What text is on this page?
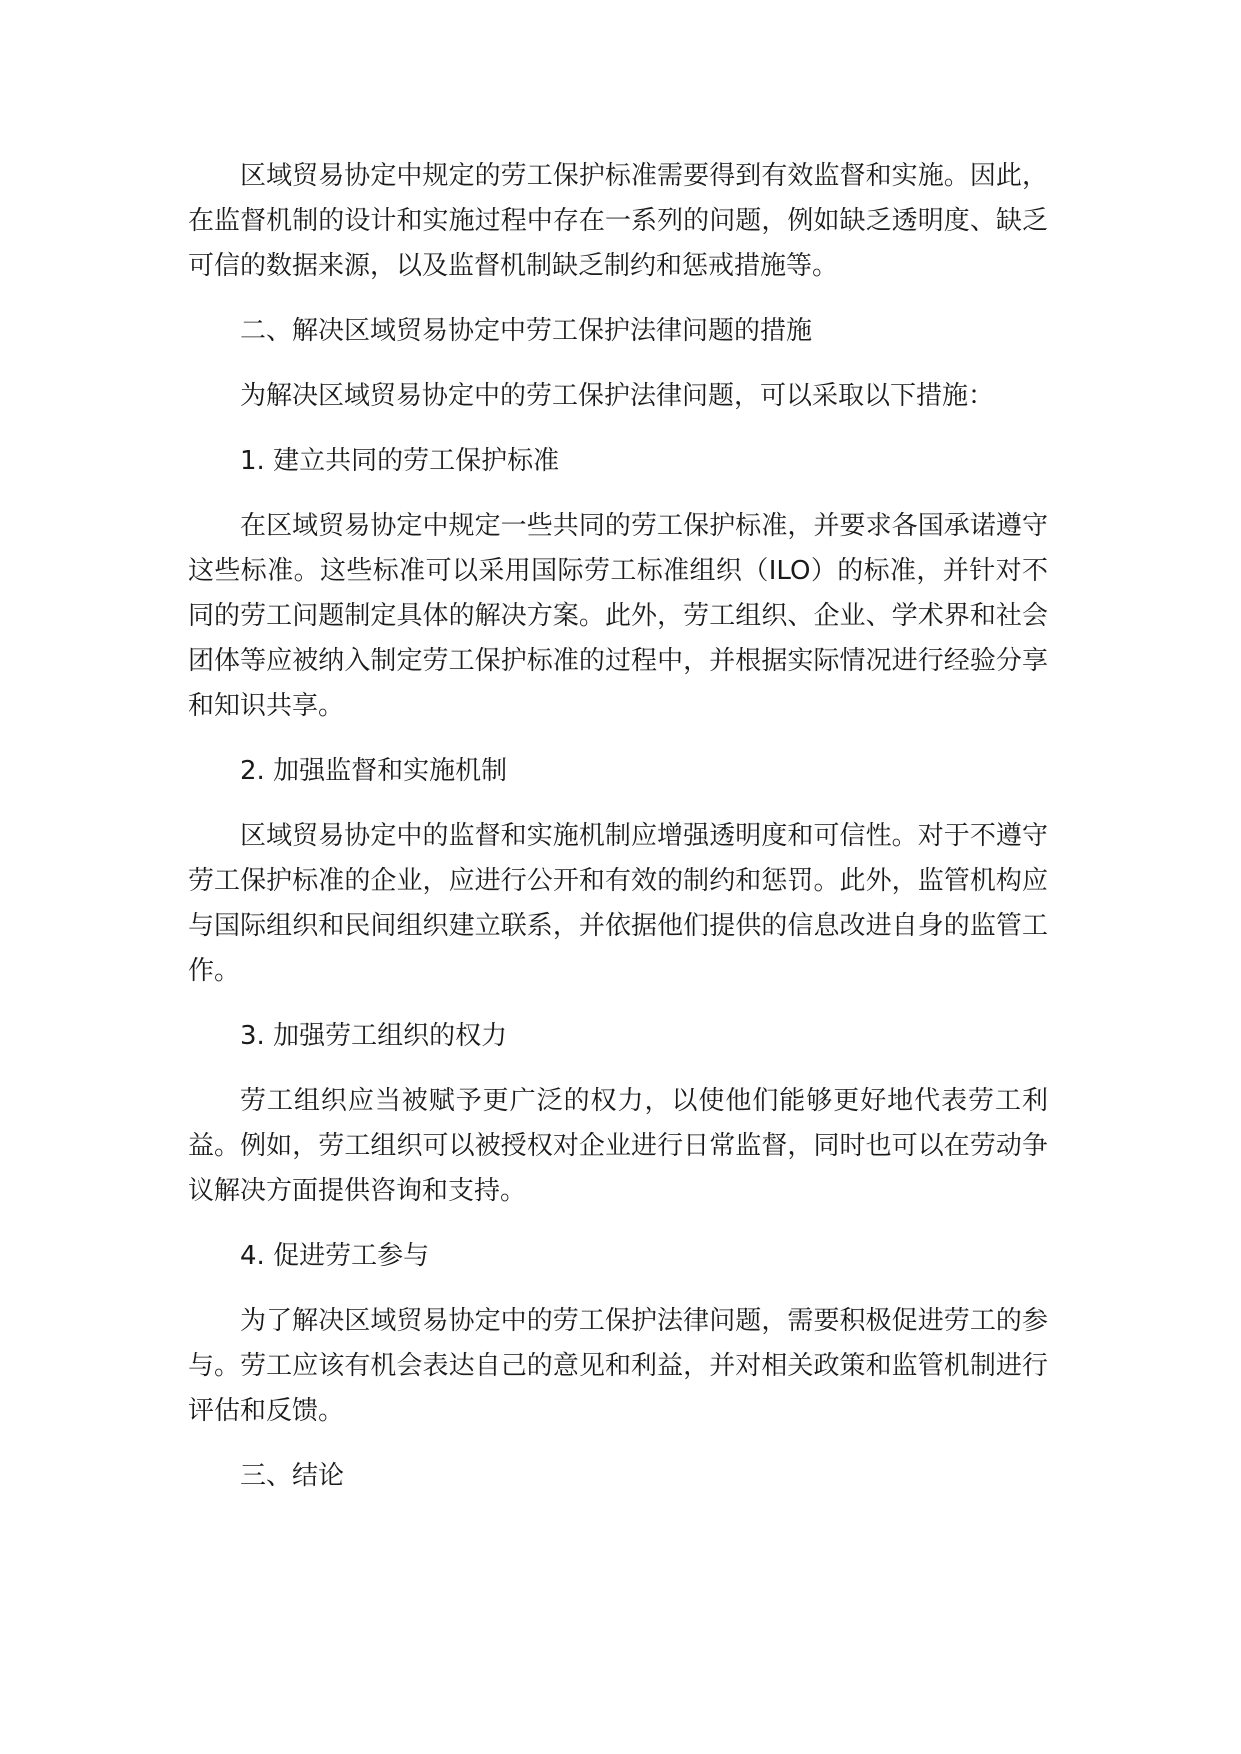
区域贸易协定中规定的劳工保护标准需要得到有效监督和实施。因此，在监督机制的设计和实施过程中存在一系列的问题，例如缺乏透明度、缺乏可信的数据来源，以及监督机制缺乏制约和惩戒措施等。

二、解决区域贸易协定中劳工保护法律问题的措施

为解决区域贸易协定中的劳工保护法律问题，可以采取以下措施：

1. 建立共同的劳工保护标准

在区域贸易协定中规定一些共同的劳工保护标准，并要求各国承诺遵守这些标准。这些标准可以采用国际劳工标准组织（ILO）的标准，并针对不同的劳工问题制定具体的解决方案。此外，劳工组织、企业、学术界和社会团体等应被纳入制定劳工保护标准的过程中，并根据实际情况进行经验分享和知识共享。

2. 加强监督和实施机制

区域贸易协定中的监督和实施机制应增强透明度和可信性。对于不遵守劳工保护标准的企业，应进行公开和有效的制约和惩罚。此外，监管机构应与国际组织和民间组织建立联系，并依据他们提供的信息改进自身的监管工作。

3. 加强劳工组织的权力

劳工组织应当被赋予更广泛的权力，以使他们能够更好地代表劳工利益。例如，劳工组织可以被授权对企业进行日常监督，同时也可以在劳动争议解决方面提供咨询和支持。

4. 促进劳工参与

为了解决区域贸易协定中的劳工保护法律问题，需要积极促进劳工的参与。劳工应该有机会表达自己的意见和利益，并对相关政策和监管机制进行评估和反馈。

三、结论
